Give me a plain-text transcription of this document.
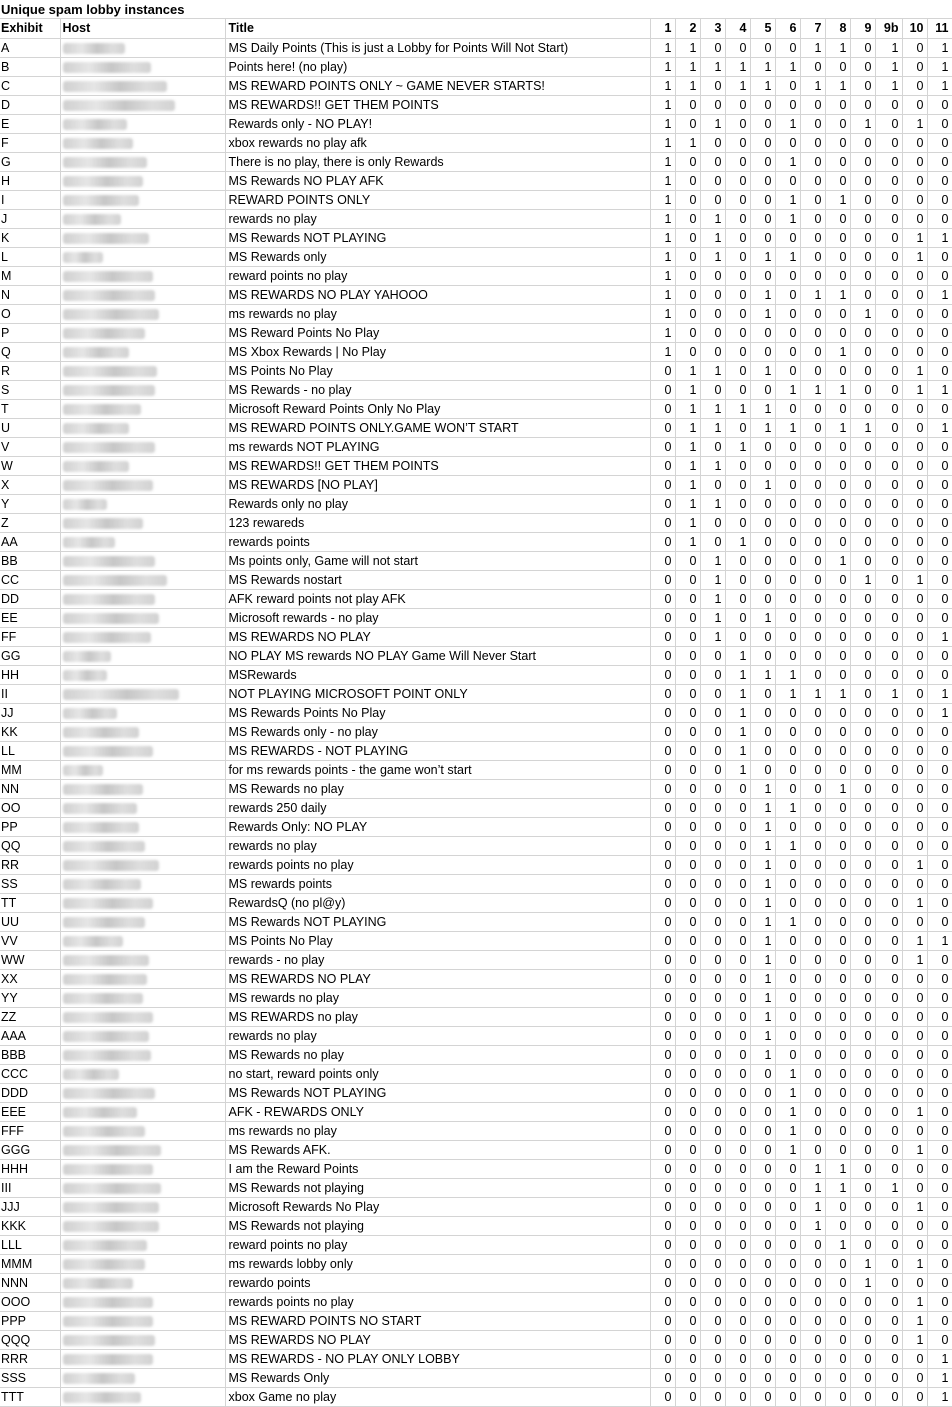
Unique spam lobby instances
Exhibit	Host	Title	1	2	3	4	5	6	7	8	9	9b	10	11
A		MS Daily Points (This is just a Lobby for Points Will Not Start)	1	1	0	0	0	0	1	1	0	1	0	1
B		Points here! (no play)	1	1	1	1	1	1	0	0	0	1	0	1
C		MS REWARD POINTS ONLY ~ GAME NEVER STARTS!	1	1	0	1	1	0	1	1	0	1	0	1
D		MS REWARDS!! GET THEM POINTS	1	0	0	0	0	0	0	0	0	0	0	0
E		Rewards only - NO PLAY!	1	0	1	0	0	1	0	0	1	0	1	0
F		xbox rewards no play afk	1	1	0	0	0	0	0	0	0	0	0	0
G		There is no play, there is only Rewards	1	0	0	0	0	1	0	0	0	0	0	0
H		MS Rewards NO PLAY AFK	1	0	0	0	0	0	0	0	0	0	0	0
I		REWARD POINTS ONLY	1	0	0	0	0	1	0	1	0	0	0	0
J		rewards no play	1	0	1	0	0	1	0	0	0	0	0	0
K		MS Rewards NOT PLAYING	1	0	1	0	0	0	0	0	0	0	1	1
L		MS Rewards only	1	0	1	0	1	1	0	0	0	0	1	0
M		reward points no play	1	0	0	0	0	0	0	0	0	0	0	0
N		MS REWARDS NO PLAY YAHOOO	1	0	0	0	1	0	1	1	0	0	0	1
O		ms rewards no play	1	0	0	0	1	0	0	0	1	0	0	0
P		MS Reward Points No Play	1	0	0	0	0	0	0	0	0	0	0	0
Q		MS Xbox Rewards | No Play	1	0	0	0	0	0	0	1	0	0	0	0
R		MS Points No Play	0	1	1	0	1	0	0	0	0	0	1	0
S		MS Rewards - no play	0	1	0	0	0	1	1	1	0	0	1	1
T		Microsoft Reward Points Only No Play	0	1	1	1	1	0	0	0	0	0	0	0
U		MS REWARD POINTS ONLY.GAME WON’T START	0	1	1	0	1	1	0	1	1	0	0	1
V		ms rewards NOT PLAYING	0	1	0	1	0	0	0	0	0	0	0	0
W		MS REWARDS!! GET THEM POINTS	0	1	1	0	0	0	0	0	0	0	0	0
X		MS REWARDS [NO PLAY]	0	1	0	0	1	0	0	0	0	0	0	0
Y		Rewards only no play	0	1	1	0	0	0	0	0	0	0	0	0
Z		123 rewareds	0	1	0	0	0	0	0	0	0	0	0	0
AA		rewards points	0	1	0	1	0	0	0	0	0	0	0	0
BB		Ms points only, Game will not start	0	0	1	0	0	0	0	1	0	0	0	0
CC		MS Rewards nostart	0	0	1	0	0	0	0	0	1	0	1	0
DD		AFK reward points not play AFK	0	0	1	0	0	0	0	0	0	0	0	0
EE		Microsoft rewards - no play	0	0	1	0	1	0	0	0	0	0	0	0
FF		MS REWARDS NO PLAY	0	0	1	0	0	0	0	0	0	0	0	1
GG		NO PLAY MS rewards NO PLAY Game Will Never Start	0	0	0	1	0	0	0	0	0	0	0	0
HH		MSRewards	0	0	0	1	1	1	0	0	0	0	0	0
II		NOT PLAYING MICROSOFT POINT ONLY	0	0	0	1	0	1	1	1	0	1	0	1
JJ		MS Rewards Points No Play	0	0	0	1	0	0	0	0	0	0	0	1
KK		MS Rewards only - no play	0	0	0	1	0	0	0	0	0	0	0	0
LL		MS REWARDS - NOT PLAYING	0	0	0	1	0	0	0	0	0	0	0	0
MM		for ms rewards points - the game won’t start	0	0	0	1	0	0	0	0	0	0	0	0
NN		MS Rewards no play	0	0	0	0	1	0	0	1	0	0	0	0
OO		rewards 250 daily	0	0	0	0	1	1	0	0	0	0	0	0
PP		Rewards Only: NO PLAY	0	0	0	0	1	0	0	0	0	0	0	0
QQ		rewards no play	0	0	0	0	1	1	0	0	0	0	0	0
RR		rewards points no play	0	0	0	0	1	0	0	0	0	0	1	0
SS		MS rewards points	0	0	0	0	1	0	0	0	0	0	0	0
TT		RewardsQ (no pl@y)	0	0	0	0	1	0	0	0	0	0	1	0
UU		MS Rewards NOT PLAYING	0	0	0	0	1	1	0	0	0	0	0	0
VV		MS Points No Play	0	0	0	0	1	0	0	0	0	0	1	1
WW		rewards - no play	0	0	0	0	1	0	0	0	0	0	1	0
XX		MS REWARDS NO PLAY	0	0	0	0	1	0	0	0	0	0	0	0
YY		MS rewards no play	0	0	0	0	1	0	0	0	0	0	0	0
ZZ		MS REWARDS no play	0	0	0	0	1	0	0	0	0	0	0	0
AAA		rewards no play	0	0	0	0	1	0	0	0	0	0	0	0
BBB		MS Rewards no play	0	0	0	0	1	0	0	0	0	0	0	0
CCC		no start, reward points only	0	0	0	0	0	1	0	0	0	0	0	0
DDD		MS Rewards NOT PLAYING	0	0	0	0	0	1	0	0	0	0	0	0
EEE		AFK - REWARDS ONLY	0	0	0	0	0	1	0	0	0	0	1	0
FFF		ms rewards no play	0	0	0	0	0	1	0	0	0	0	0	0
GGG		MS Rewards AFK.	0	0	0	0	0	1	0	0	0	0	1	0
HHH		I am the Reward Points	0	0	0	0	0	0	1	1	0	0	0	0
III		MS Rewards not playing	0	0	0	0	0	0	1	1	0	1	0	0
JJJ		Microsoft Rewards No Play	0	0	0	0	0	0	1	0	0	0	1	0
KKK		MS Rewards not playing	0	0	0	0	0	0	1	0	0	0	0	0
LLL		reward points no play	0	0	0	0	0	0	0	1	0	0	0	0
MMM		ms rewards lobby only	0	0	0	0	0	0	0	0	1	0	1	0
NNN		rewardo points	0	0	0	0	0	0	0	0	1	0	0	0
OOO		rewards points no play	0	0	0	0	0	0	0	0	0	0	1	0
PPP		MS REWARD POINTS NO START	0	0	0	0	0	0	0	0	0	0	1	0
QQQ		MS REWARDS NO PLAY	0	0	0	0	0	0	0	0	0	0	1	0
RRR		MS REWARDS - NO PLAY ONLY LOBBY	0	0	0	0	0	0	0	0	0	0	0	1
SSS		MS Rewards Only	0	0	0	0	0	0	0	0	0	0	0	1
TTT		xbox Game no play	0	0	0	0	0	0	0	0	0	0	0	1
